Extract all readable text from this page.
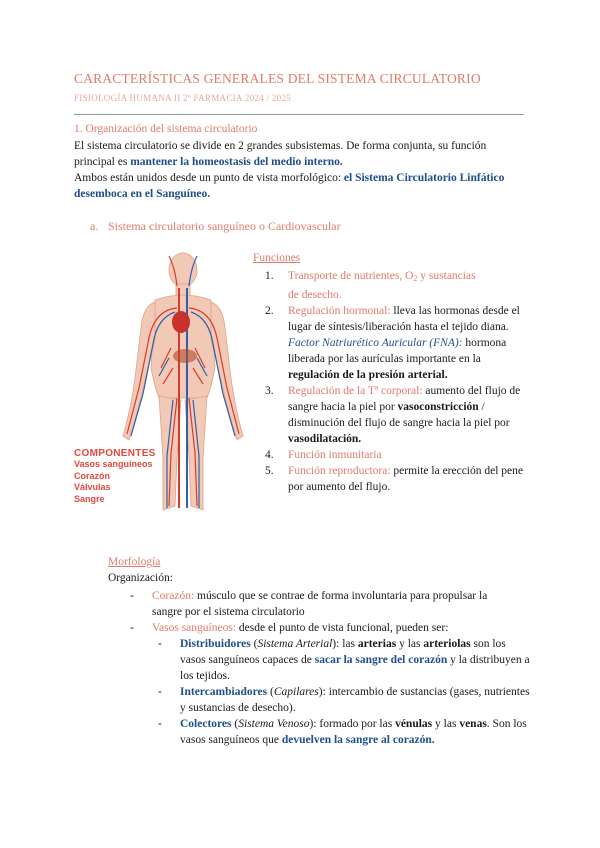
CARACTERÍSTICAS GENERALES DEL SISTEMA CIRCULATORIO
FISIOLOGÍA HUMANA II 2º FARMACIA 2024 / 2025
1. Organización del sistema circulatorio
El sistema circulatorio se divide en 2 grandes subsistemas. De forma conjunta, su función
principal es mantener la homeostasis del medio interno.
Ambos están unidos desde un punto de vista morfológico: el Sistema Circulatorio Linfático
desemboca en el Sanguíneo.
a. Sistema circulatorio sanguíneo o Cardiovascular
COMPONENTES
Vasos sanguíneos
Corazón
Válvulas
Sangre
Funciones
1.	Transporte de nutrientes, $O_2$ y sustancias
de desecho.
2.	Regulación hormonal: lleva las hormonas desde el lugar de síntesis/liberación hasta el tejido diana.
Factor Natriurético Auricular (FNA): hormona liberada por las aurículas importante en la regulación de la presión arterial.
3.	Regulación de la Tª corporal: aumento del flujo de sangre hacia la piel por vasoconstricción / disminución del flujo de sangre hacia la piel por vasodilatación.
4.	Función inmunitaria
5.	Función reproductora: permite la erección del pene por aumento del flujo.
Morfología
Organización:
-	Corazón: músculo que se contrae de forma involuntaria para propulsar la sangre por el sistema circulatorio
-	Vasos sanguíneos: desde el punto de vista funcional, pueden ser:
-	Distribuidores (Sistema Arterial): las arterias y las arteriolas son los vasos sanguíneos capaces de sacar la sangre del corazón y la distribuyen a los tejidos.
-	Intercambiadores (Capilares): intercambio de sustancias (gases, nutrientes y sustancias de desecho).
-	Colectores (Sistema Venoso): formado por las vénulas y las venas. Son los vasos sanguíneos que devuelven la sangre al corazón.
